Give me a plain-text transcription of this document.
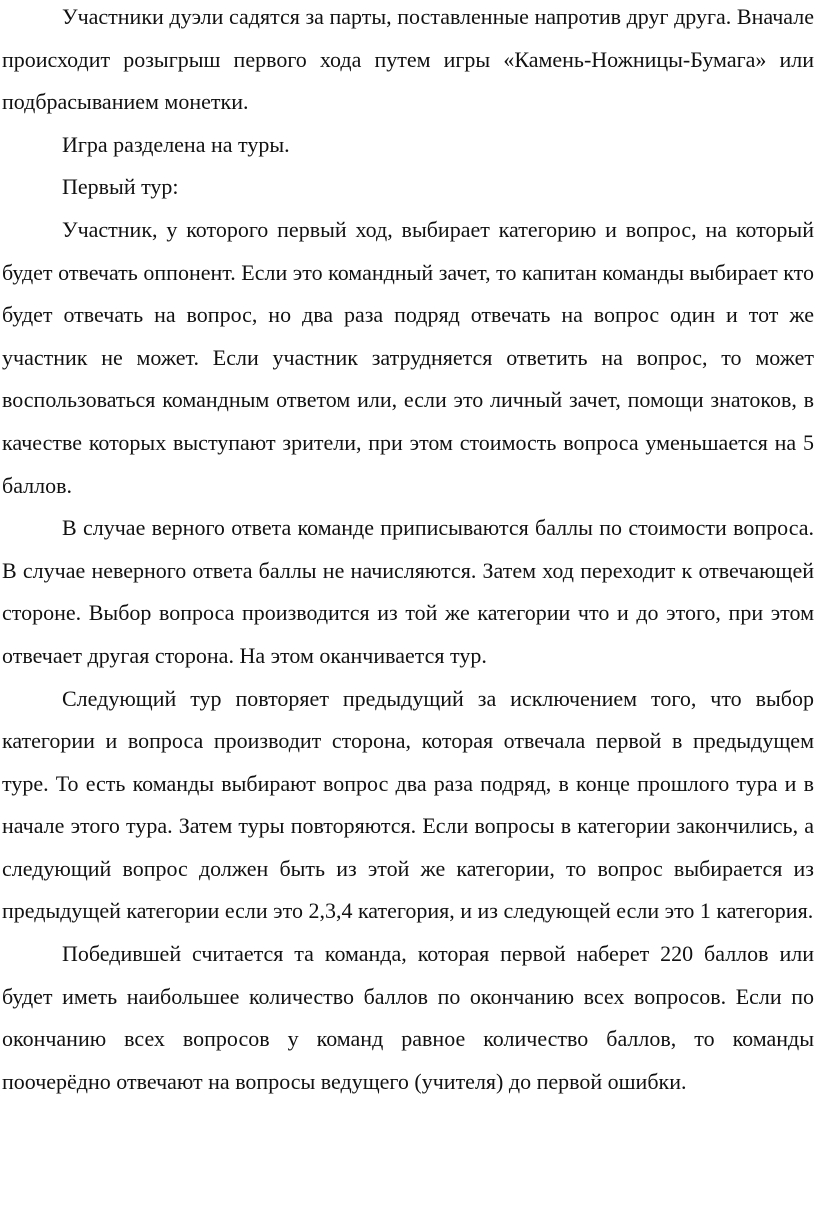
Участники дуэли садятся за парты, поставленные напротив друг друга. Вначале происходит розыгрыш первого хода путем игры «Камень-Ножницы-Бумага» или подбрасыванием монетки.

Игра разделена на туры.

Первый тур:

Участник, у которого первый ход, выбирает категорию и вопрос, на который будет отвечать оппонент. Если это командный зачет, то капитан команды выбирает кто будет отвечать на вопрос, но два раза подряд отвечать на вопрос один и тот же участник не может. Если участник затрудняется ответить на вопрос, то может воспользоваться командным ответом или, если это личный зачет, помощи знатоков, в качестве которых выступают зрители, при этом стоимость вопроса уменьшается на 5 баллов.

В случае верного ответа команде приписываются баллы по стоимости вопроса. В случае неверного ответа баллы не начисляются. Затем ход переходит к отвечающей стороне. Выбор вопроса производится из той же категории что и до этого, при этом отвечает другая сторона. На этом оканчивается тур.

Следующий тур повторяет предыдущий за исключением того, что выбор категории и вопроса производит сторона, которая отвечала первой в предыдущем туре. То есть команды выбирают вопрос два раза подряд, в конце прошлого тура и в начале этого тура. Затем туры повторяются. Если вопросы в категории закончились, а следующий вопрос должен быть из этой же категории, то вопрос выбирается из предыдущей категории если это 2,3,4 категория, и из следующей если это 1 категория.

Победившей считается та команда, которая первой наберет 220 баллов или будет иметь наибольшее количество баллов по окончанию всех вопросов. Если по окончанию всех вопросов у команд равное количество баллов, то команды поочерёдно отвечают на вопросы ведущего (учителя) до первой ошибки.
